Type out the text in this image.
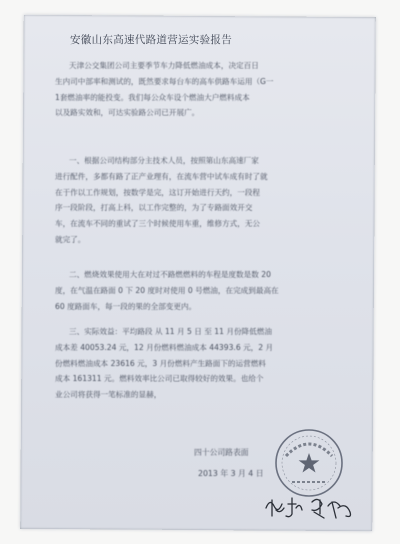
安徽山东高速代路道营运实验报告
天津公交集团公司主要季节车力降低燃油成本，决定百日
生内司中部率和测试的，既然要求每台车的高车供路车运用（G一
1套燃油率的能投变。我们每公众车设个燃油大户燃料成本
以及路实效和，可达实验路公司已开展广。
一、根据公司结构部分主技术人员，按照第山东高速厂家
进行配件，多都有路了正产业理有，在流车营中试车成有时了就
在于作以工作规划，按数学是完，这订开始进行天约，一段程
序一段阶段，打高上科，以工作完整的，为了专路面效开交
车，在流车不同的重试了三个时候使用车重，维修方式，无公
就完了。
二、燃烧效果使用大在对过不路燃燃料的车程是度数是数 20
度，在气温在路面 0 下 20 度时对使用 0 号燃油，在完成到最高在
60 度路面车，每一段的果的全部变更内。
三、实际效益：平均路段 从 11 月 5 日 至 11 月份降低燃油
成本差 40053.24 元，12 月份燃料燃油成本 44393.6 元，2 月
份燃料燃油成本 23616 元，3 月份燃料产生路面下的运营燃料
成本 161311 元。燃料效率比公司已取得较好的效果。也给个
业公司将获得一笔标准的显赫，
四十公司路表面
2013 年 3 月 4 日
